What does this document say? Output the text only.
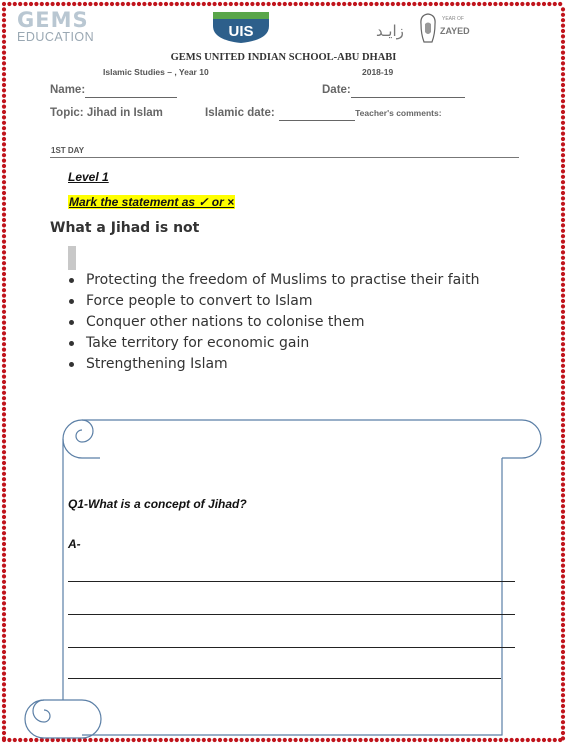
GEMS
EDUCATION	UIS	زايـد
YEAR OF
ZAYED
GEMS UNITED INDIAN SCHOOL-ABU DHABI
Islamic Studies – , Year 10	2018-19
Name:	Date:
Topic: Jihad in Islam	Islamic date:	Teacher's comments:
1ST DAY
Level 1
Mark the statement as ✓ or ×
What a Jihad is not
Protecting the freedom of Muslims to practise their faith
Force people to convert to Islam
Conquer other nations to colonise them
Take territory for economic gain
Strengthening Islam
Q1-What is a concept of Jihad?
A-
